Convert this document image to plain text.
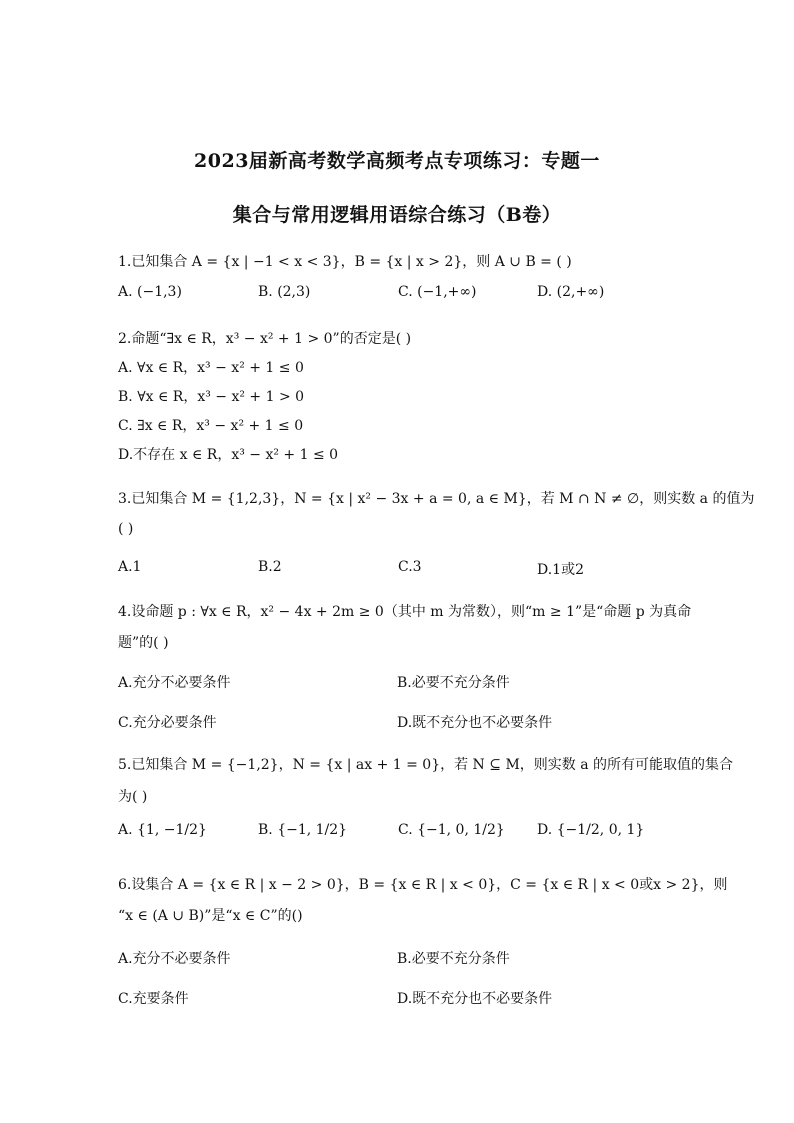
2023届新高考数学高频考点专项练习：专题一
集合与常用逻辑用语综合练习（B卷）
1.已知集合 A = {x | −1 < x < 3}，B = {x | x > 2}，则 A ∪ B = ( )
A. (−1,3)	B. (2,3)	C. (−1,+∞)	D. (2,+∞)
2.命题“∃x ∈ R，x³ − x² + 1 > 0”的否定是( )
A. ∀x ∈ R，x³ − x² + 1 ≤ 0
B. ∀x ∈ R，x³ − x² + 1 > 0
C. ∃x ∈ R，x³ − x² + 1 ≤ 0
D.不存在 x ∈ R，x³ − x² + 1 ≤ 0
3.已知集合 M = {1,2,3}，N = {x | x² − 3x + a = 0, a ∈ M}，若 M ∩ N ≠ ∅，则实数 a 的值为
( )
A.1	B.2	C.3	D.1或2
4.设命题 p : ∀x ∈ R，x² − 4x + 2m ≥ 0（其中 m 为常数），则“m ≥ 1”是“命题 p 为真命
题”的( )
A.充分不必要条件	B.必要不充分条件
C.充分必要条件	D.既不充分也不必要条件
5.已知集合 M = {−1,2}，N = {x | ax + 1 = 0}，若 N ⊆ M，则实数 a 的所有可能取值的集合
为( )
A. {1, −1/2}	B. {−1, 1/2}	C. {−1, 0, 1/2} D. {−1/2, 0, 1}
6.设集合 A = {x ∈ R | x − 2 > 0}，B = {x ∈ R | x < 0}，C = {x ∈ R | x < 0或x > 2}，则
“x ∈ (A ∪ B)”是“x ∈ C”的()
A.充分不必要条件	B.必要不充分条件
C.充要条件	D.既不充分也不必要条件
